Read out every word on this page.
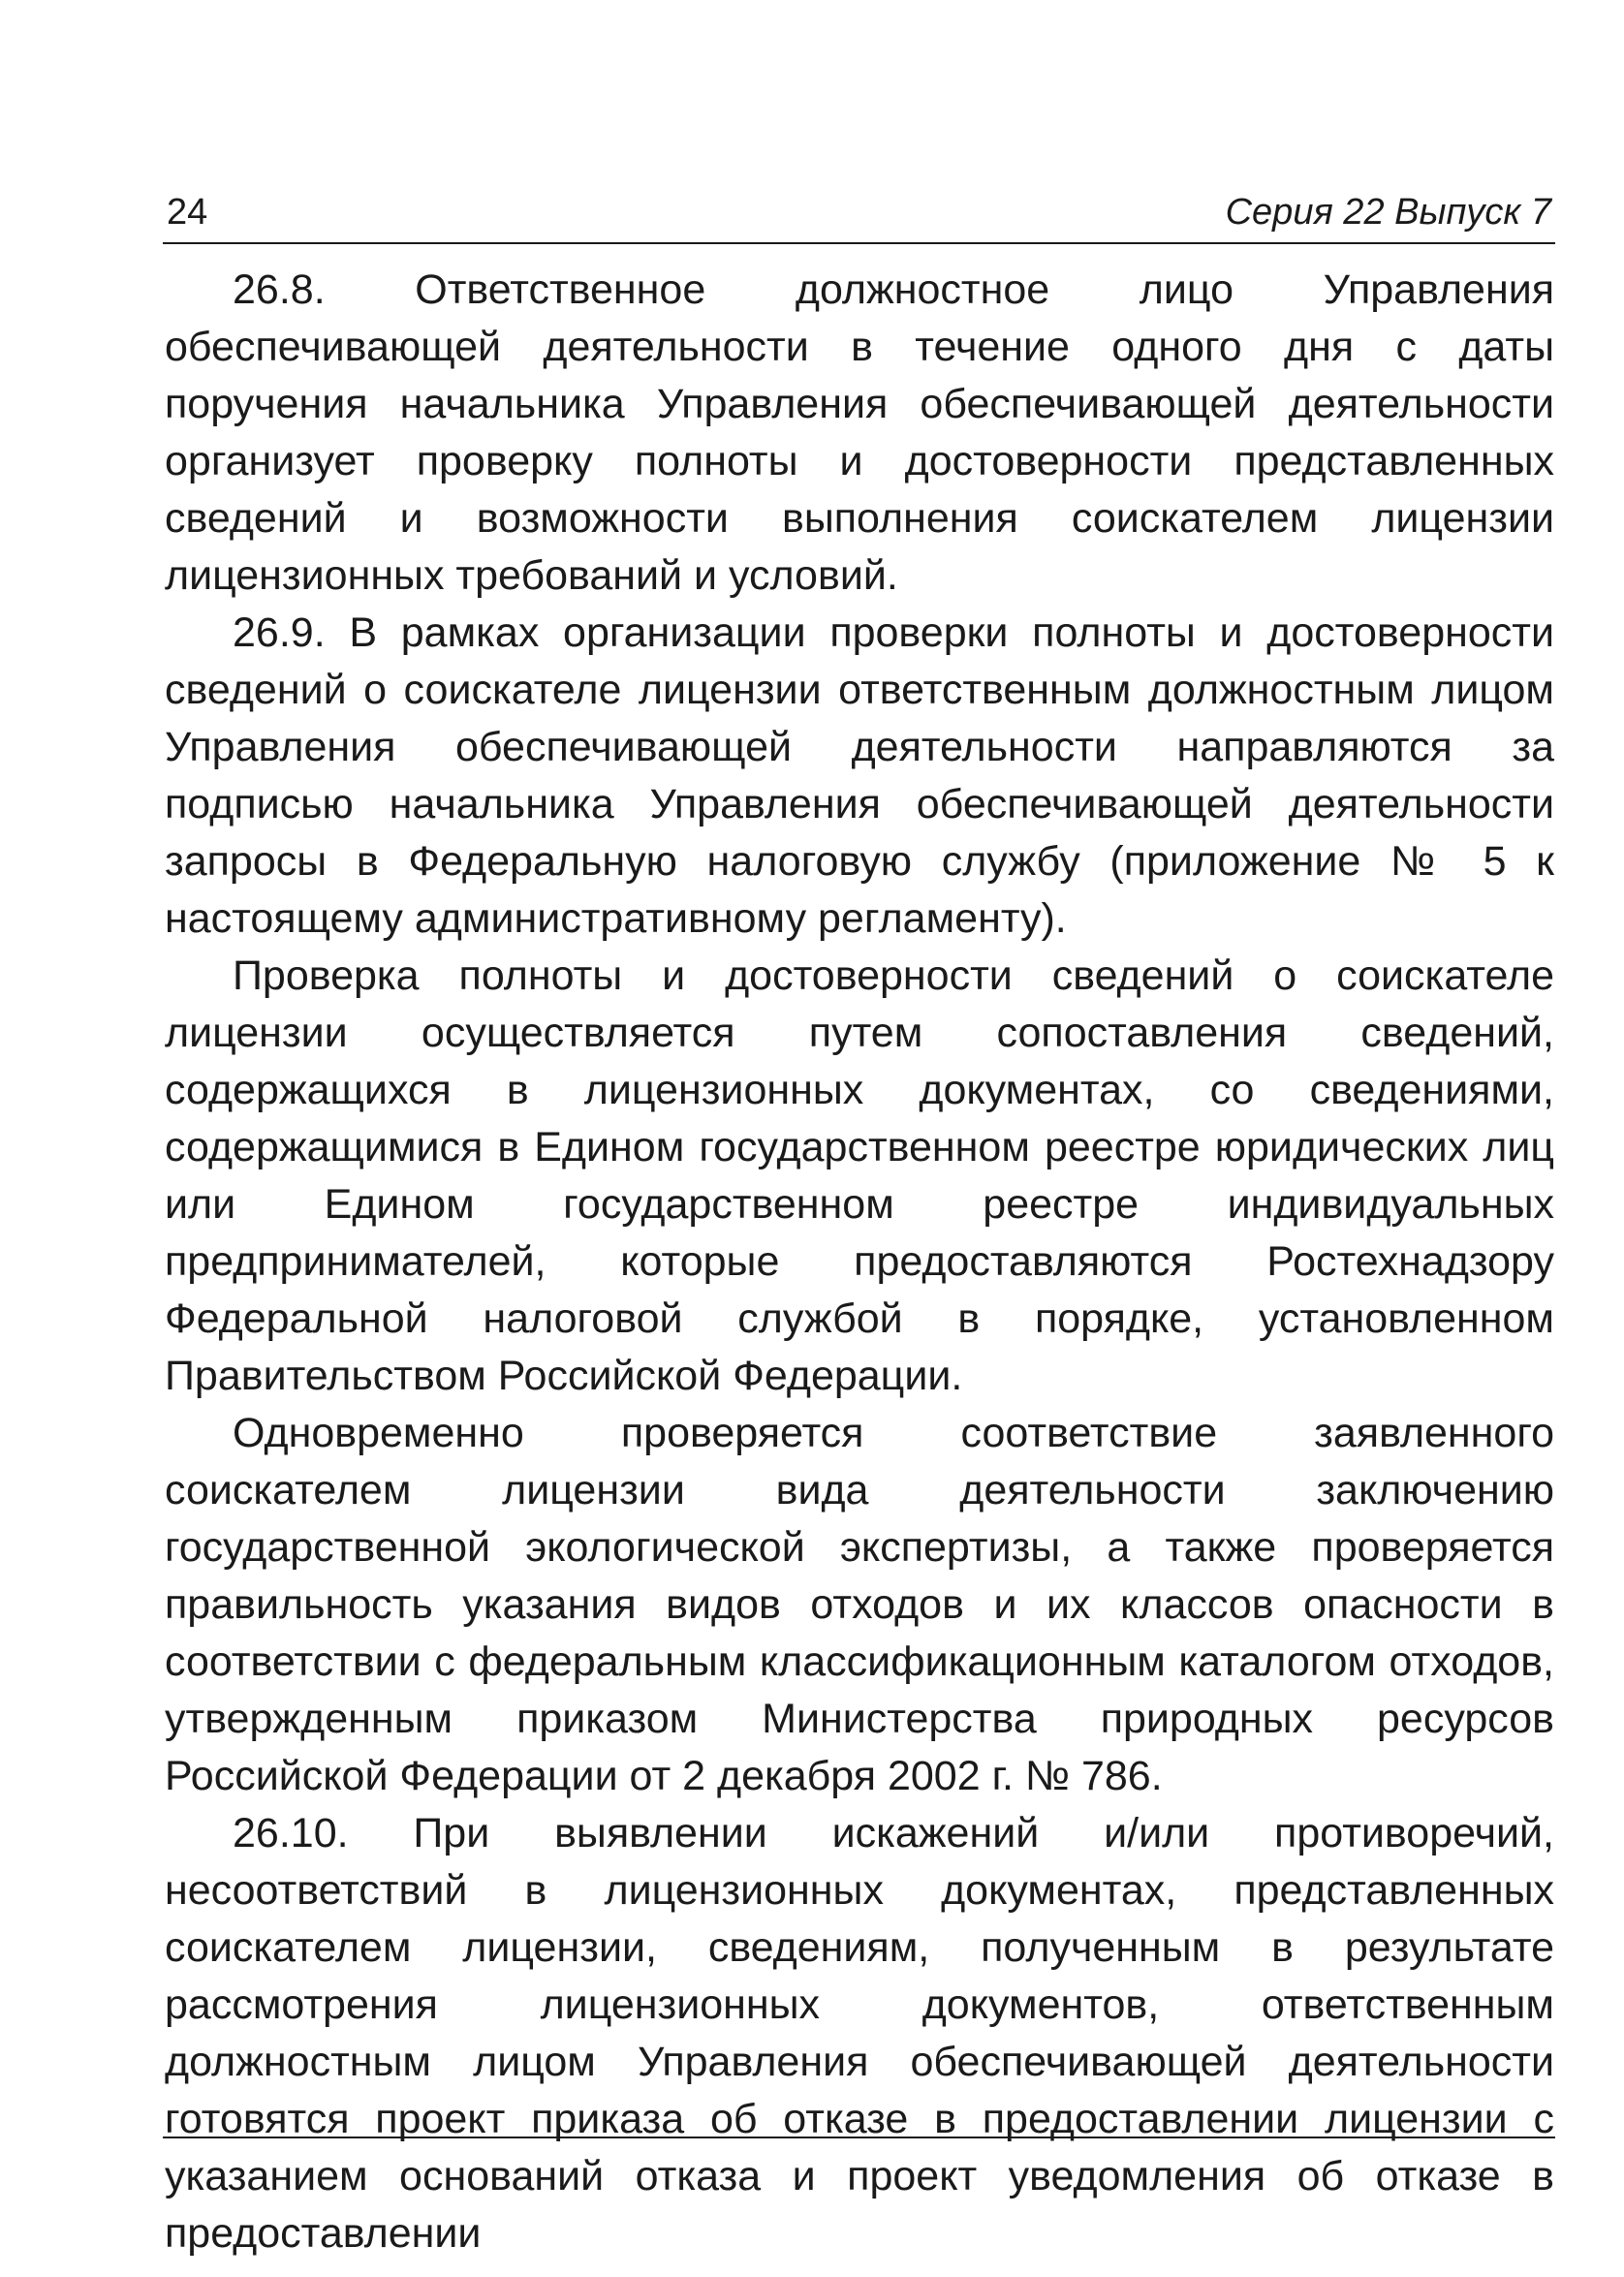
24	Серия 22 Выпуск 7

26.8. Ответственное должностное лицо Управления обеспечивающей деятельности в течение одного дня с даты поручения начальника Управления обеспечивающей деятельности организует проверку полноты и достоверности представленных сведений и возможности выполнения соискателем лицензии лицензионных требований и условий.

26.9. В рамках организации проверки полноты и достоверности сведений о соискателе лицензии ответственным должностным лицом Управления обеспечивающей деятельности направляются за подписью начальника Управления обеспечивающей деятельности запросы в Федеральную налоговую службу (приложение № 5 к настоящему административному регламенту).

Проверка полноты и достоверности сведений о соискателе лицензии осуществляется путем сопоставления сведений, содержащихся в лицензионных документах, со сведениями, содержащимися в Едином государственном реестре юридических лиц или Едином государственном реестре индивидуальных предпринимателей, которые предоставляются Ростехнадзору Федеральной налоговой службой в порядке, установленном Правительством Российской Федерации.

Одновременно проверяется соответствие заявленного соискателем лицензии вида деятельности заключению государственной экологической экспертизы, а также проверяется правильность указания видов отходов и их классов опасности в соответствии с федеральным классификационным каталогом отходов, утвержденным приказом Министерства природных ресурсов Российской Федерации от 2 декабря 2002 г. № 786.

26.10. При выявлении искажений и/или противоречий, несоответствий в лицензионных документах, представленных соискателем лицензии, сведениям, полученным в результате рассмотрения лицензионных документов, ответственным должностным лицом Управления обеспечивающей деятельности готовятся проект приказа об отказе в предоставлении лицензии с указанием оснований отказа и проект уведомления об отказе в предоставлении
